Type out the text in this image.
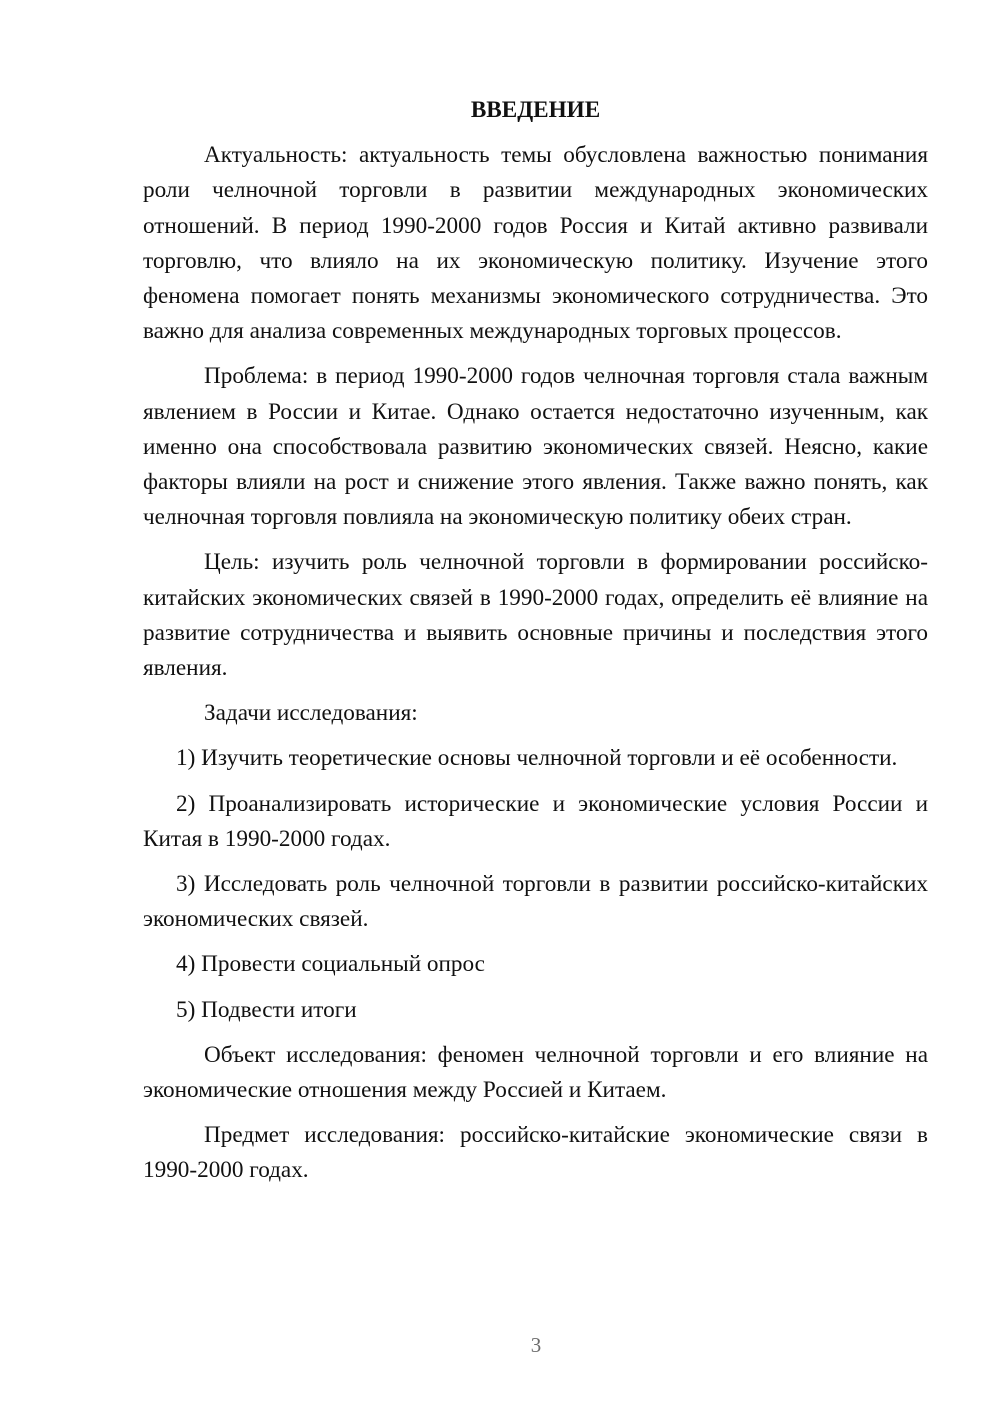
ВВЕДЕНИЕ

Актуальность: актуальность темы обусловлена важностью понимания роли челночной торговли в развитии международных экономических отношений. В период 1990-2000 годов Россия и Китай активно развивали торговлю, что влияло на их экономическую политику. Изучение этого феномена помогает понять механизмы экономического сотрудничества. Это важно для анализа современных международных торговых процессов.

Проблема: в период 1990-2000 годов челночная торговля стала важным явлением в России и Китае. Однако остается недостаточно изученным, как именно она способствовала развитию экономических связей. Неясно, какие факторы влияли на рост и снижение этого явления. Также важно понять, как челночная торговля повлияла на экономическую политику обеих стран.

Цель: изучить роль челночной торговли в формировании российско-китайских экономических связей в 1990-2000 годах, определить её влияние на развитие сотрудничества и выявить основные причины и последствия этого явления.

Задачи исследования:

1) Изучить теоретические основы челночной торговли и её особенности.

2) Проанализировать исторические и экономические условия России и Китая в 1990-2000 годах.

3) Исследовать роль челночной торговли в развитии российско-китайских экономических связей.

4) Провести социальный опрос

5) Подвести итоги

Объект исследования: феномен челночной торговли и его влияние на экономические отношения между Россией и Китаем.

Предмет исследования: российско-китайские экономические связи в 1990-2000 годах.

3
